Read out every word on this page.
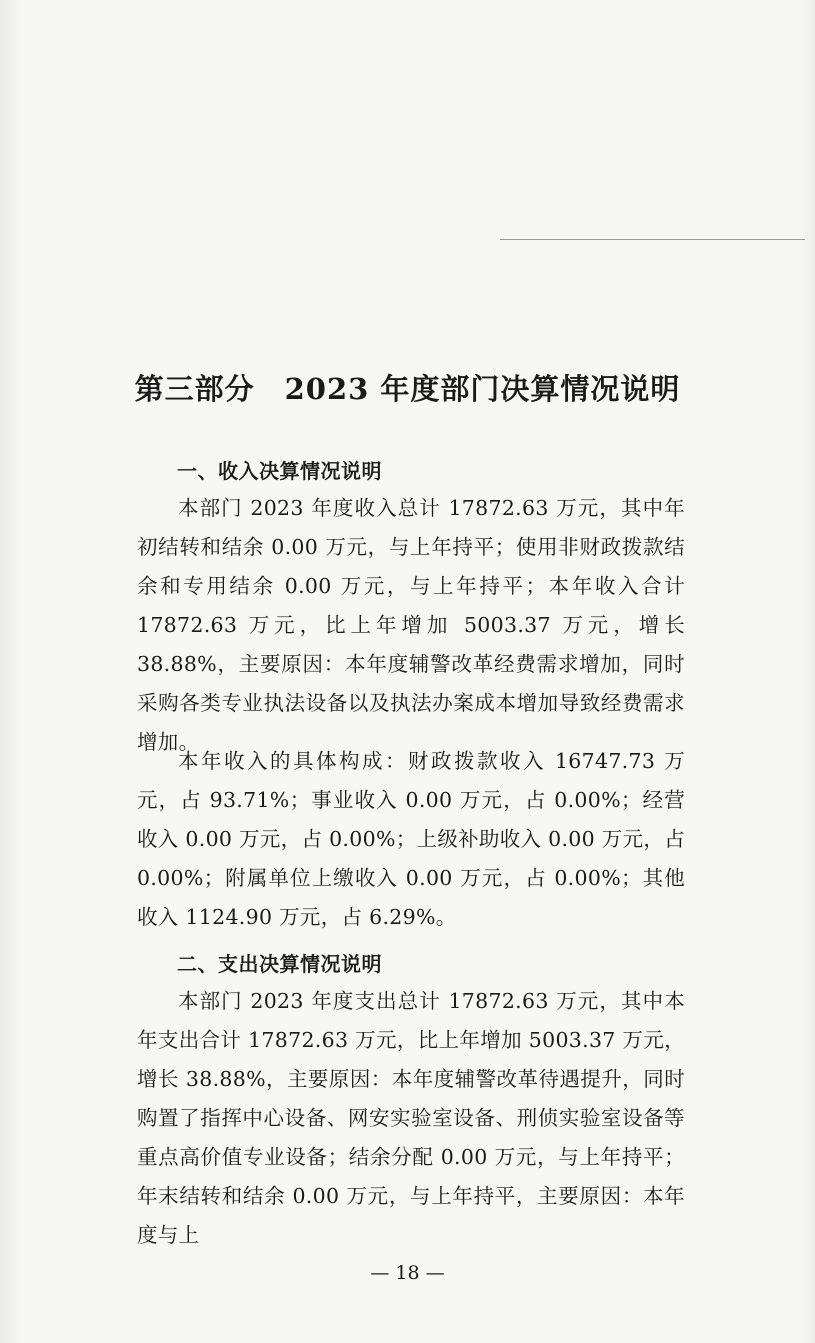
第三部分　2023 年度部门决算情况说明
一、收入决算情况说明

本部门 2023 年度收入总计 17872.63 万元，其中年初结转和结余 0.00 万元，与上年持平；使用非财政拨款结余和专用结余 0.00 万元，与上年持平；本年收入合计 17872.63 万元，比上年增加 5003.37 万元，增长 38.88%，主要原因：本年度辅警改革经费需求增加，同时采购各类专业执法设备以及执法办案成本增加导致经费需求增加。

本年收入的具体构成：财政拨款收入 16747.73 万元，占 93.71%；事业收入 0.00 万元，占 0.00%；经营收入 0.00 万元，占 0.00%；上级补助收入 0.00 万元，占 0.00%；附属单位上缴收入 0.00 万元，占 0.00%；其他收入 1124.90 万元，占 6.29%。

二、支出决算情况说明

本部门 2023 年度支出总计 17872.63 万元，其中本年支出合计 17872.63 万元，比上年增加 5003.37 万元，增长 38.88%，主要原因：本年度辅警改革待遇提升，同时购置了指挥中心设备、网安实验室设备、刑侦实验室设备等重点高价值专业设备；结余分配 0.00 万元，与上年持平；年末结转和结余 0.00 万元，与上年持平，主要原因：本年度与上

— 18 —
